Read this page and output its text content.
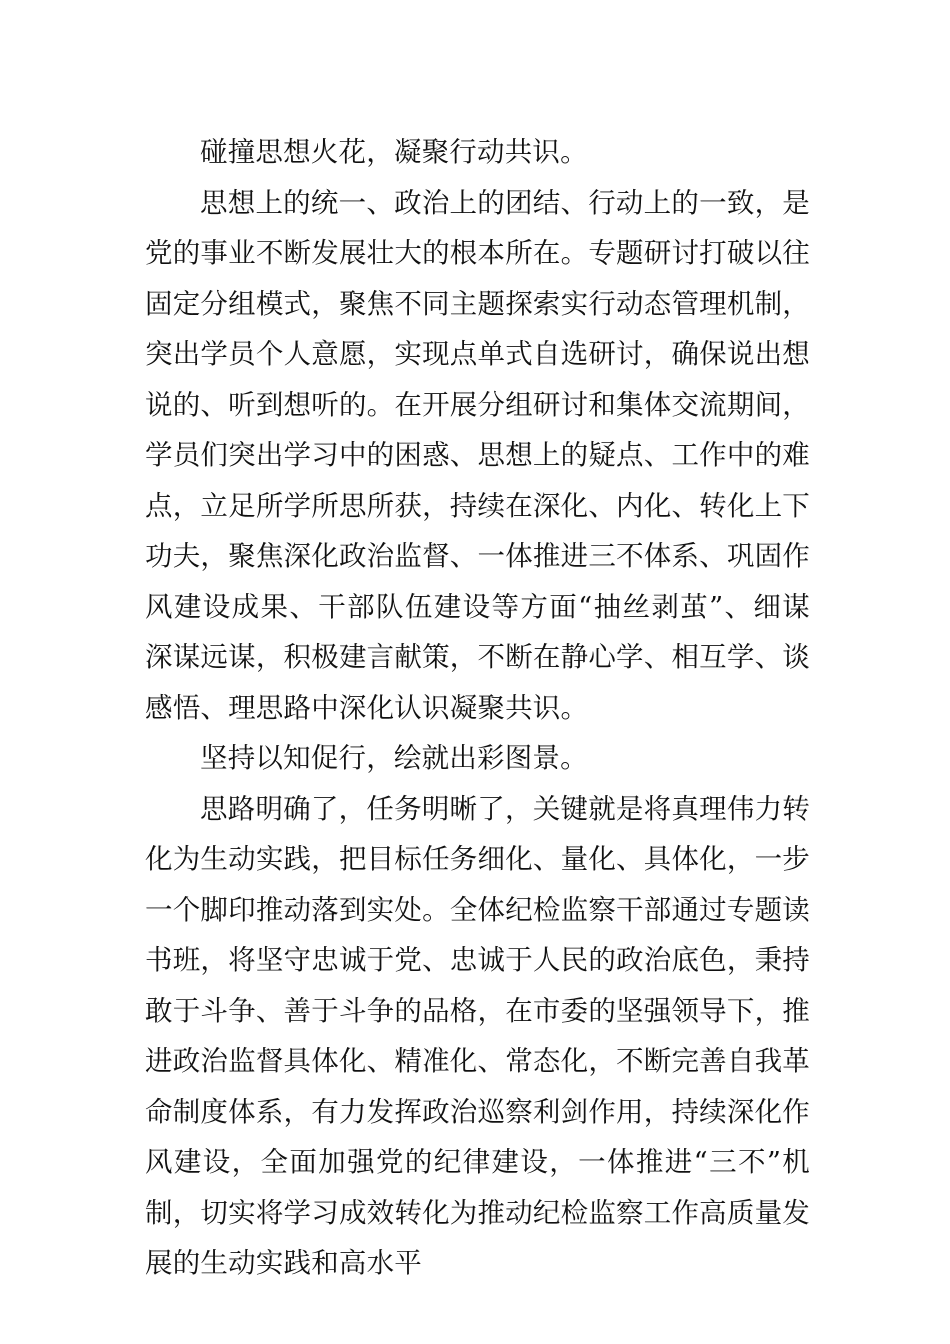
碰撞思想火花，凝聚行动共识。

思想上的统一、政治上的团结、行动上的一致，是党的事业不断发展壮大的根本所在。专题研讨打破以往固定分组模式，聚焦不同主题探索实行动态管理机制，突出学员个人意愿，实现点单式自选研讨，确保说出想说的、听到想听的。在开展分组研讨和集体交流期间，学员们突出学习中的困惑、思想上的疑点、工作中的难点，立足所学所思所获，持续在深化、内化、转化上下功夫，聚焦深化政治监督、一体推进三不体系、巩固作风建设成果、干部队伍建设等方面“抽丝剥茧”、细谋深谋远谋，积极建言献策，不断在静心学、相互学、谈感悟、理思路中深化认识凝聚共识。

坚持以知促行，绘就出彩图景。

思路明确了，任务明晰了，关键就是将真理伟力转化为生动实践，把目标任务细化、量化、具体化，一步一个脚印推动落到实处。全体纪检监察干部通过专题读书班，将坚守忠诚于党、忠诚于人民的政治底色，秉持敢于斗争、善于斗争的品格，在市委的坚强领导下，推进政治监督具体化、精准化、常态化，不断完善自我革命制度体系，有力发挥政治巡察利剑作用，持续深化作风建设，全面加强党的纪律建设，一体推进“三不”机制，切实将学习成效转化为推动纪检监察工作高质量发展的生动实践和高水平
